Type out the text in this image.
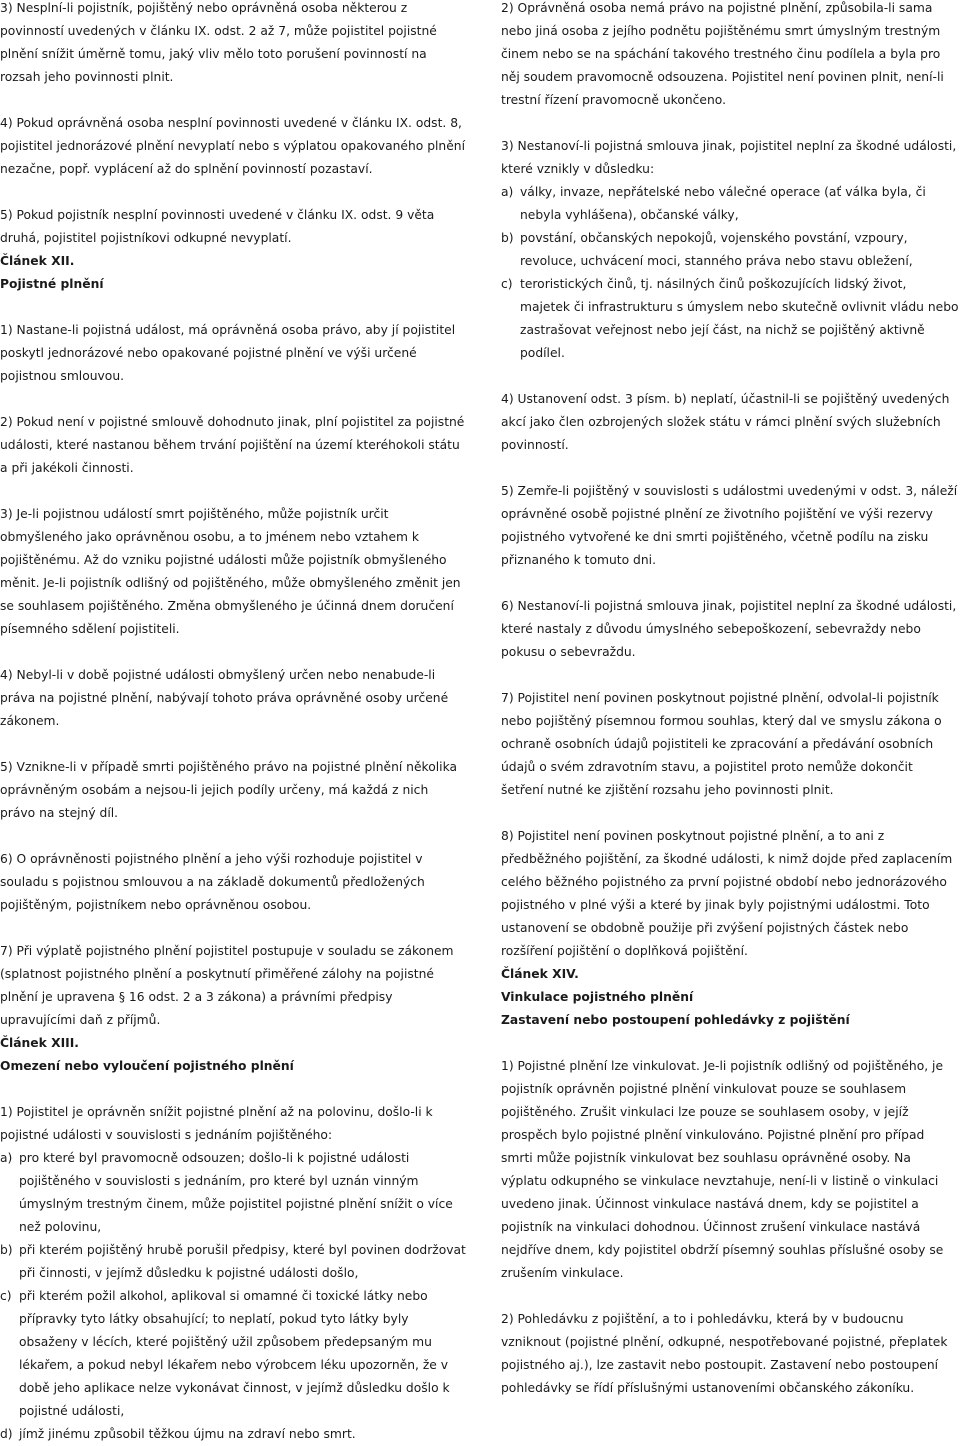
3) Nesplní-li pojistník, pojištěný nebo oprávněná osoba některou z povinností uvedených v článku IX. odst. 2 až 7, může pojistitel pojistné plnění snížit úměrně tomu, jaký vliv mělo toto porušení povinností na rozsah jeho povinnosti plnit.

4) Pokud oprávněná osoba nesplní povinnosti uvedené v článku IX. odst. 8, pojistitel jednorázové plnění nevyplatí nebo s výplatou opakovaného plnění nezačne, popř. vyplácení až do splnění povinností pozastaví.

5) Pokud pojistník nesplní povinnosti uvedené v článku IX. odst. 9 věta druhá, pojistitel pojistníkovi odkupné nevyplatí.

Článek XII.

Pojistné plnění

1) Nastane-li pojistná událost, má oprávněná osoba právo, aby jí pojistitel poskytl jednorázové nebo opakované pojistné plnění ve výši určené pojistnou smlouvou.

2) Pokud není v pojistné smlouvě dohodnuto jinak, plní pojistitel za pojistné události, které nastanou během trvání pojištění na území kteréhokoli státu a při jakékoli činnosti.

3) Je-li pojistnou událostí smrt pojištěného, může pojistník určit obmyšleného jako oprávněnou osobu, a to jménem nebo vztahem k pojištěnému. Až do vzniku pojistné události může pojistník obmyšleného měnit. Je-li pojistník odlišný od pojištěného, může obmyšleného změnit jen se souhlasem pojištěného. Změna obmyšleného je účinná dnem doručení písemného sdělení pojistiteli.

4) Nebyl-li v době pojistné události obmyšlený určen nebo nenabude-li práva na pojistné plnění, nabývají tohoto práva oprávněné osoby určené zákonem.

5) Vznikne-li v případě smrti pojištěného právo na pojistné plnění několika oprávněným osobám a nejsou-li jejich podíly určeny, má každá z nich právo na stejný díl.

6) O oprávněnosti pojistného plnění a jeho výši rozhoduje pojistitel v souladu s pojistnou smlouvou a na základě dokumentů předložených pojištěným, pojistníkem nebo oprávněnou osobou.

7) Při výplatě pojistného plnění pojistitel postupuje v souladu se zákonem (splatnost pojistného plnění a poskytnutí přiměřené zálohy na pojistné plnění je upravena § 16 odst. 2 a 3 zákona) a právními předpisy upravujícími daň z příjmů.

Článek XIII.

Omezení nebo vyloučení pojistného plnění

1) Pojistitel je oprávněn snížit pojistné plnění až na polovinu, došlo-li k pojistné události v souvislosti s jednáním pojištěného:

a) pro které byl pravomocně odsouzen; došlo-li k pojistné události pojištěného v souvislosti s jednáním, pro které byl uznán vinným úmyslným trestným činem, může pojistitel pojistné plnění snížit o více než polovinu,
b) při kterém pojištěný hrubě porušil předpisy, které byl povinen dodržovat při činnosti, v jejímž důsledku k pojistné události došlo,
c) při kterém požil alkohol, aplikoval si omamné či toxické látky nebo přípravky tyto látky obsahující; to neplatí, pokud tyto látky byly obsaženy v lécích, které pojištěný užil způsobem předepsaným mu lékařem, a pokud nebyl lékařem nebo výrobcem léku upozorněn, že v době jeho aplikace nelze vykonávat činnost, v jejímž důsledku došlo k pojistné události,
d) jímž jinému způsobil těžkou újmu na zdraví nebo smrt.

2) Oprávněná osoba nemá právo na pojistné plnění, způsobila-li sama nebo jiná osoba z jejího podnětu pojištěnému smrt úmyslným trestným činem nebo se na spáchání takového trestného činu podílela a byla pro něj soudem pravomocně odsouzena. Pojistitel není povinen plnit, není-li trestní řízení pravomocně ukončeno.

3) Nestanoví-li pojistná smlouva jinak, pojistitel neplní za škodné události, které vznikly v důsledku:

a) války, invaze, nepřátelské nebo válečné operace (ať válka byla, či nebyla vyhlášena), občanské války,
b) povstání, občanských nepokojů, vojenského povstání, vzpoury, revoluce, uchvácení moci, stanného práva nebo stavu obležení,
c) teroristických činů, tj. násilných činů poškozujících lidský život, majetek či infrastrukturu s úmyslem nebo skutečně ovlivnit vládu nebo zastrašovat veřejnost nebo její část, na nichž se pojištěný aktivně podílel.

4) Ustanovení odst. 3 písm. b) neplatí, účastnil-li se pojištěný uvedených akcí jako člen ozbrojených složek státu v rámci plnění svých služebních povinností.

5) Zemře-li pojištěný v souvislosti s událostmi uvedenými v odst. 3, náleží oprávněné osobě pojistné plnění ze životního pojištění ve výši rezervy pojistného vytvořené ke dni smrti pojištěného, včetně podílu na zisku přiznaného k tomuto dni.

6) Nestanoví-li pojistná smlouva jinak, pojistitel neplní za škodné události, které nastaly z důvodu úmyslného sebepoškození, sebevraždy nebo pokusu o sebevraždu.

7) Pojistitel není povinen poskytnout pojistné plnění, odvolal-li pojistník nebo pojištěný písemnou formou souhlas, který dal ve smyslu zákona o ochraně osobních údajů pojistiteli ke zpracování a předávání osobních údajů o svém zdravotním stavu, a pojistitel proto nemůže dokončit šetření nutné ke zjištění rozsahu jeho povinnosti plnit.

8) Pojistitel není povinen poskytnout pojistné plnění, a to ani z předběžného pojištění, za škodné události, k nimž dojde před zaplacením celého běžného pojistného za první pojistné období nebo jednorázového pojistného v plné výši a které by jinak byly pojistnými událostmi. Toto ustanovení se obdobně použije při zvýšení pojistných částek nebo rozšíření pojištění o doplňková pojištění.

Článek XIV.

Vinkulace pojistného plnění

Zastavení nebo postoupení pohledávky z pojištění

1) Pojistné plnění lze vinkulovat. Je-li pojistník odlišný od pojištěného, je pojistník oprávněn pojistné plnění vinkulovat pouze se souhlasem pojištěného. Zrušit vinkulaci lze pouze se souhlasem osoby, v jejíž prospěch bylo pojistné plnění vinkulováno. Pojistné plnění pro případ smrti může pojistník vinkulovat bez souhlasu oprávněné osoby. Na výplatu odkupného se vinkulace nevztahuje, není-li v listině o vinkulaci uvedeno jinak. Účinnost vinkulace nastává dnem, kdy se pojistitel a pojistník na vinkulaci dohodnou. Účinnost zrušení vinkulace nastává nejdříve dnem, kdy pojistitel obdrží písemný souhlas příslušné osoby se zrušením vinkulace.

2) Pohledávku z pojištění, a to i pohledávku, která by v budoucnu vzniknout (pojistné plnění, odkupné, nespotřebované pojistné, přeplatek pojistného aj.), lze zastavit nebo postoupit. Zastavení nebo postoupení pohledávky se řídí příslušnými ustanoveními občanského zákoníku.
